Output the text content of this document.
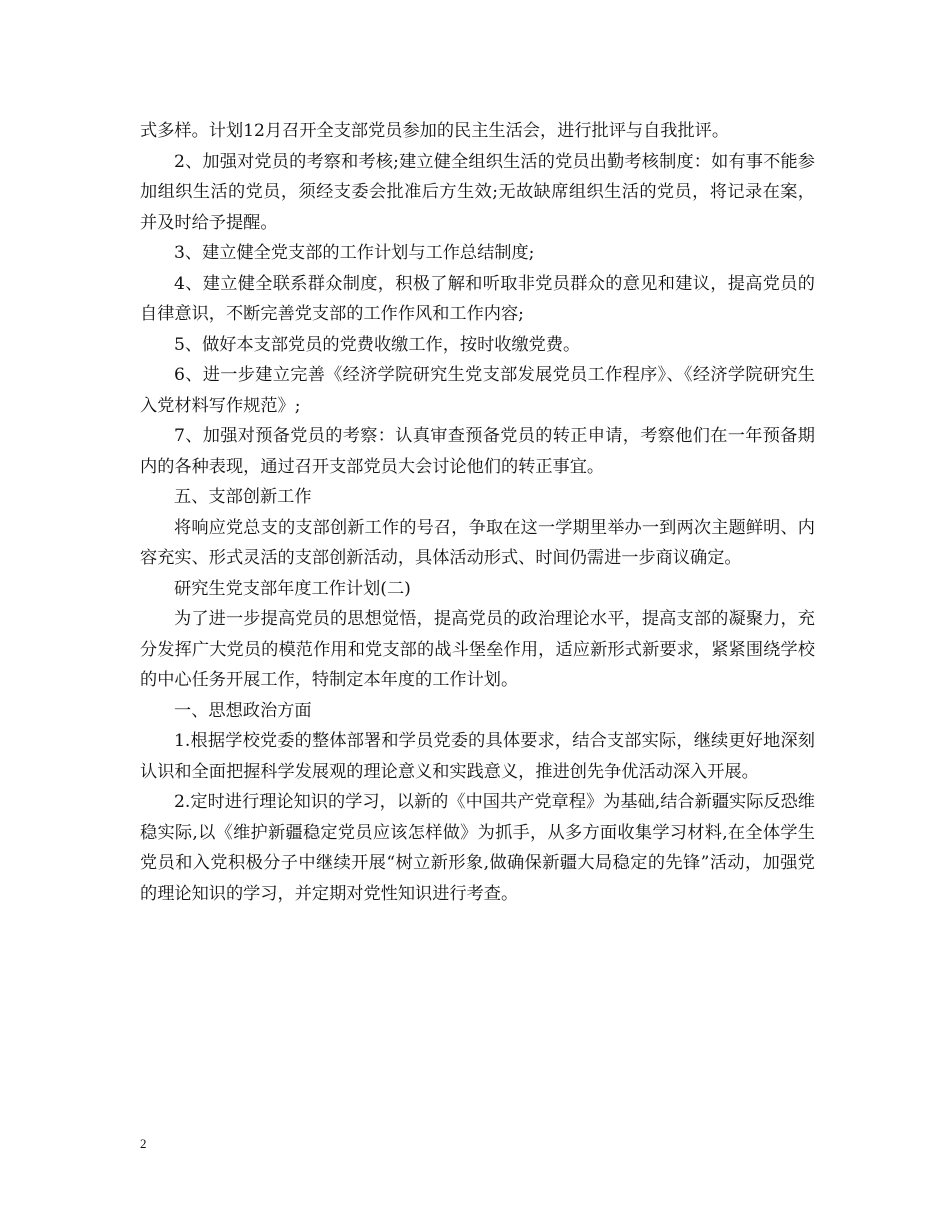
式多样。计划12月召开全支部党员参加的民主生活会，进行批评与自我批评。

2、加强对党员的考察和考核;建立健全组织生活的党员出勤考核制度：如有事不能参加组织生活的党员，须经支委会批准后方生效;无故缺席组织生活的党员，将记录在案，并及时给予提醒。

3、建立健全党支部的工作计划与工作总结制度;

4、建立健全联系群众制度，积极了解和听取非党员群众的意见和建议，提高党员的自律意识，不断完善党支部的工作作风和工作内容;

5、做好本支部党员的党费收缴工作，按时收缴党费。

6、进一步建立完善《经济学院研究生党支部发展党员工作程序》、《经济学院研究生入党材料写作规范》;

7、加强对预备党员的考察：认真审查预备党员的转正申请，考察他们在一年预备期内的各种表现，通过召开支部党员大会讨论他们的转正事宜。

五、支部创新工作

将响应党总支的支部创新工作的号召，争取在这一学期里举办一到两次主题鲜明、内容充实、形式灵活的支部创新活动，具体活动形式、时间仍需进一步商议确定。

研究生党支部年度工作计划(二)

为了进一步提高党员的思想觉悟，提高党员的政治理论水平，提高支部的凝聚力，充分发挥广大党员的模范作用和党支部的战斗堡垒作用，适应新形式新要求，紧紧围绕学校的中心任务开展工作，特制定本年度的工作计划。

一、思想政治方面

1.根据学校党委的整体部署和学员党委的具体要求，结合支部实际，继续更好地深刻认识和全面把握科学发展观的理论意义和实践意义，推进创先争优活动深入开展。

2.定时进行理论知识的学习，以新的《中国共产党章程》为基础,结合新疆实际反恐维稳实际,以《维护新疆稳定党员应该怎样做》为抓手，从多方面收集学习材料,在全体学生党员和入党积极分子中继续开展“树立新形象,做确保新疆大局稳定的先锋”活动，加强党的理论知识的学习，并定期对党性知识进行考查。

2
